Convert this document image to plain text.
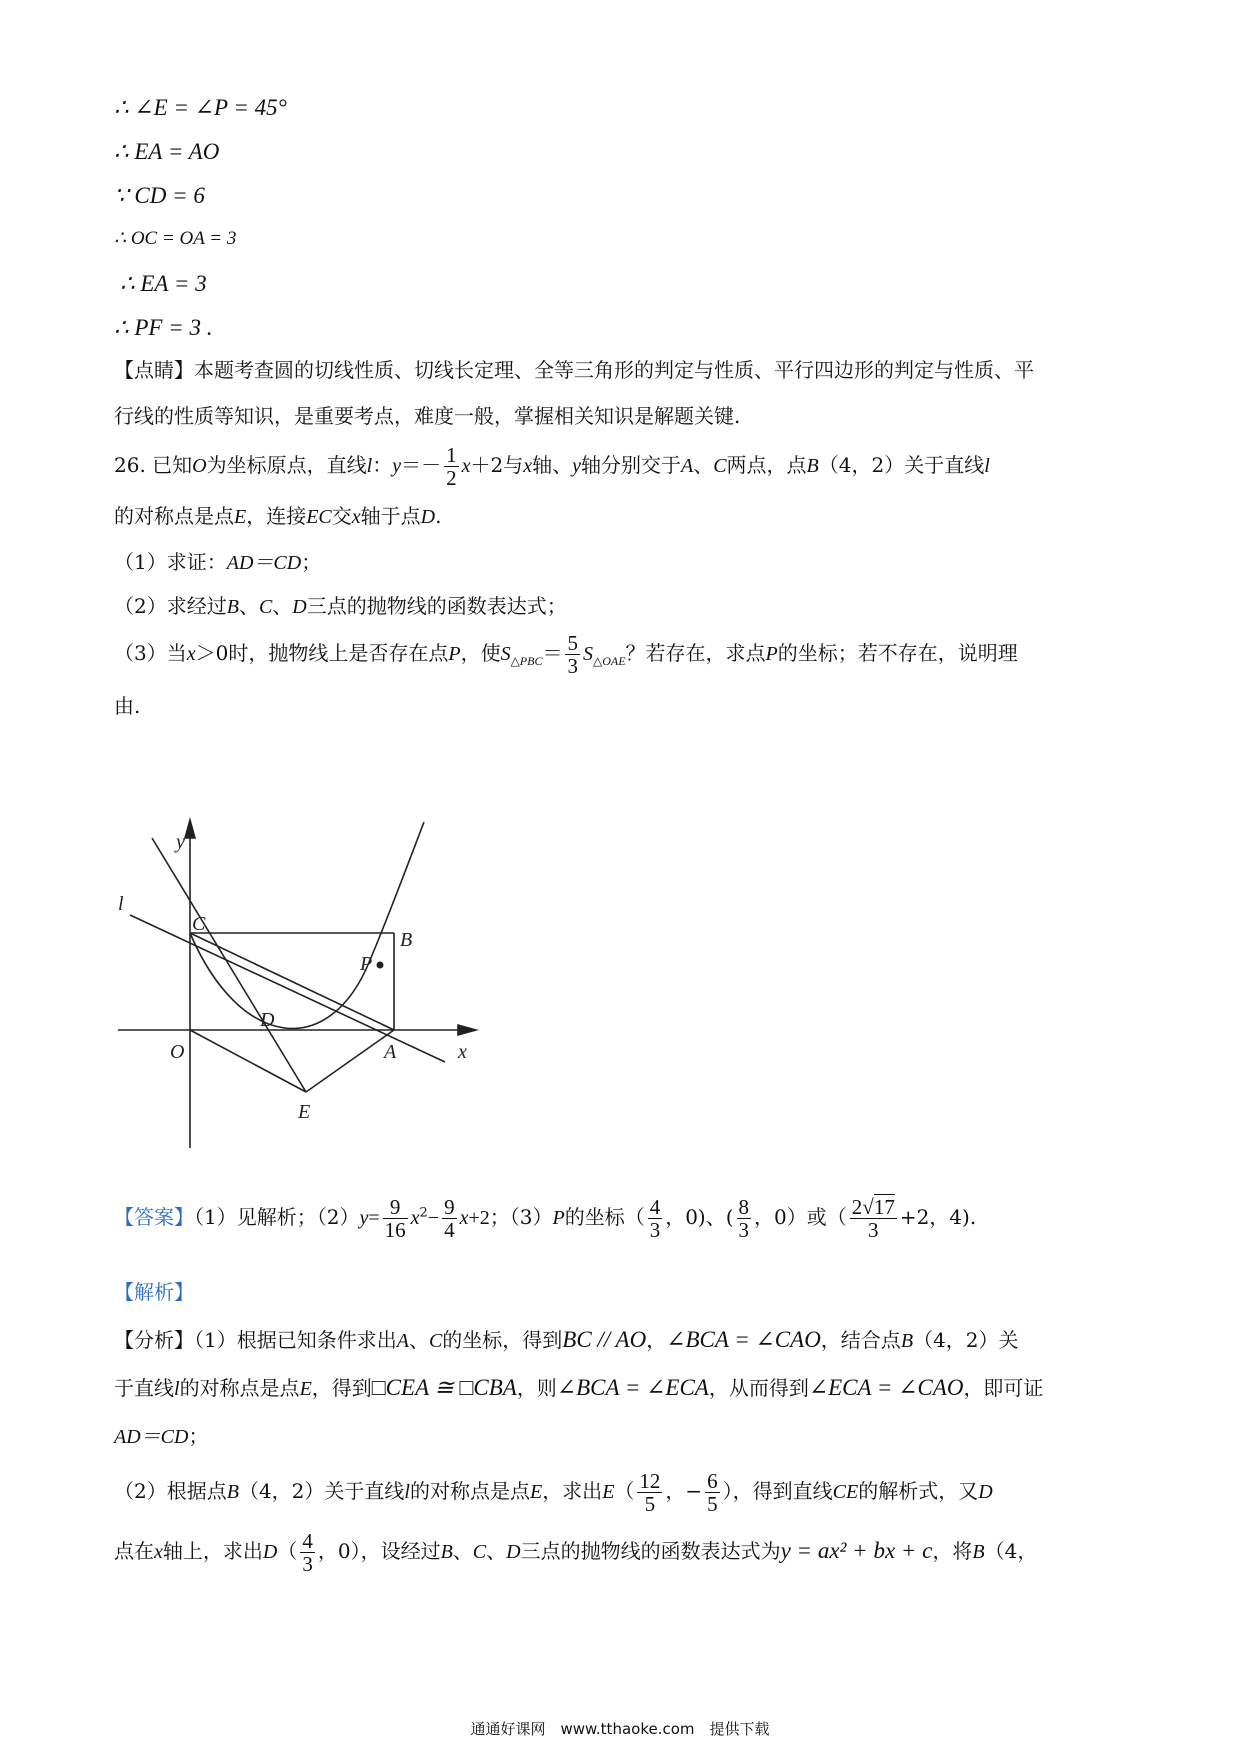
∴ ∠E = ∠P = 45°
∴ EA = AO
∵ CD = 6
∴ OC = OA = 3
∴ EA = 3
∴ PF = 3 .
【点睛】本题考查圆的切线性质、切线长定理、全等三角形的判定与性质、平行四边形的判定与性质、平
行线的性质等知识，是重要考点，难度一般，掌握相关知识是解题关键.
26. 已知O为坐标原点，直线l：$y=- \frac{1}{2} x+2$与x轴、y轴分别交于A、C两点，点B（4，2）关于直线l
的对称点是点E，连接EC交x轴于点D.
（1）求证：AD＝CD；
（2）求经过B、C、D三点的抛物线的函数表达式；
（3）当x＞0时，抛物线上是否存在点P，使$S_{\triangle PBC}= \frac{5}{3} S_{\triangle OAE}$？若存在，求点P的坐标；若不存在，说明理
由.
y
l
C
B
P
D
O	A	x
E
【答案】（1）见解析；$(2)y= \frac{9}{16} x^2- \frac{9}{4} x+2$；（3）P的坐标（ $\frac{4}{3}$ ，0)、( $\frac{8}{3}$ ，0）或（ $\frac{2√17}{3} +2$，4).
【解析】
【分析】（1）根据已知条件求出A、C的坐标，得到BC // AO，∠BCA = ∠CAO，结合点B（4，2）关
于直线l的对称点是点E，得到□CEA ≅ □CBA，则∠BCA = ∠ECA，从而得到∠ECA = ∠CAO，即可证
AD＝CD；
（2）根据点B（4，2）关于直线l的对称点是点E，求出$E( \frac{12}{5}$ ，− $\frac{6}{5}$ ），得到直线CE的解析式，又D
点在x轴上，求出$D( \frac{4}{3}$ ，0），设经过B、C、D三点的抛物线的函数表达式为y = ax² + bx + c，将B（4，
通通好课网　www.tthaoke.com　提供下载
